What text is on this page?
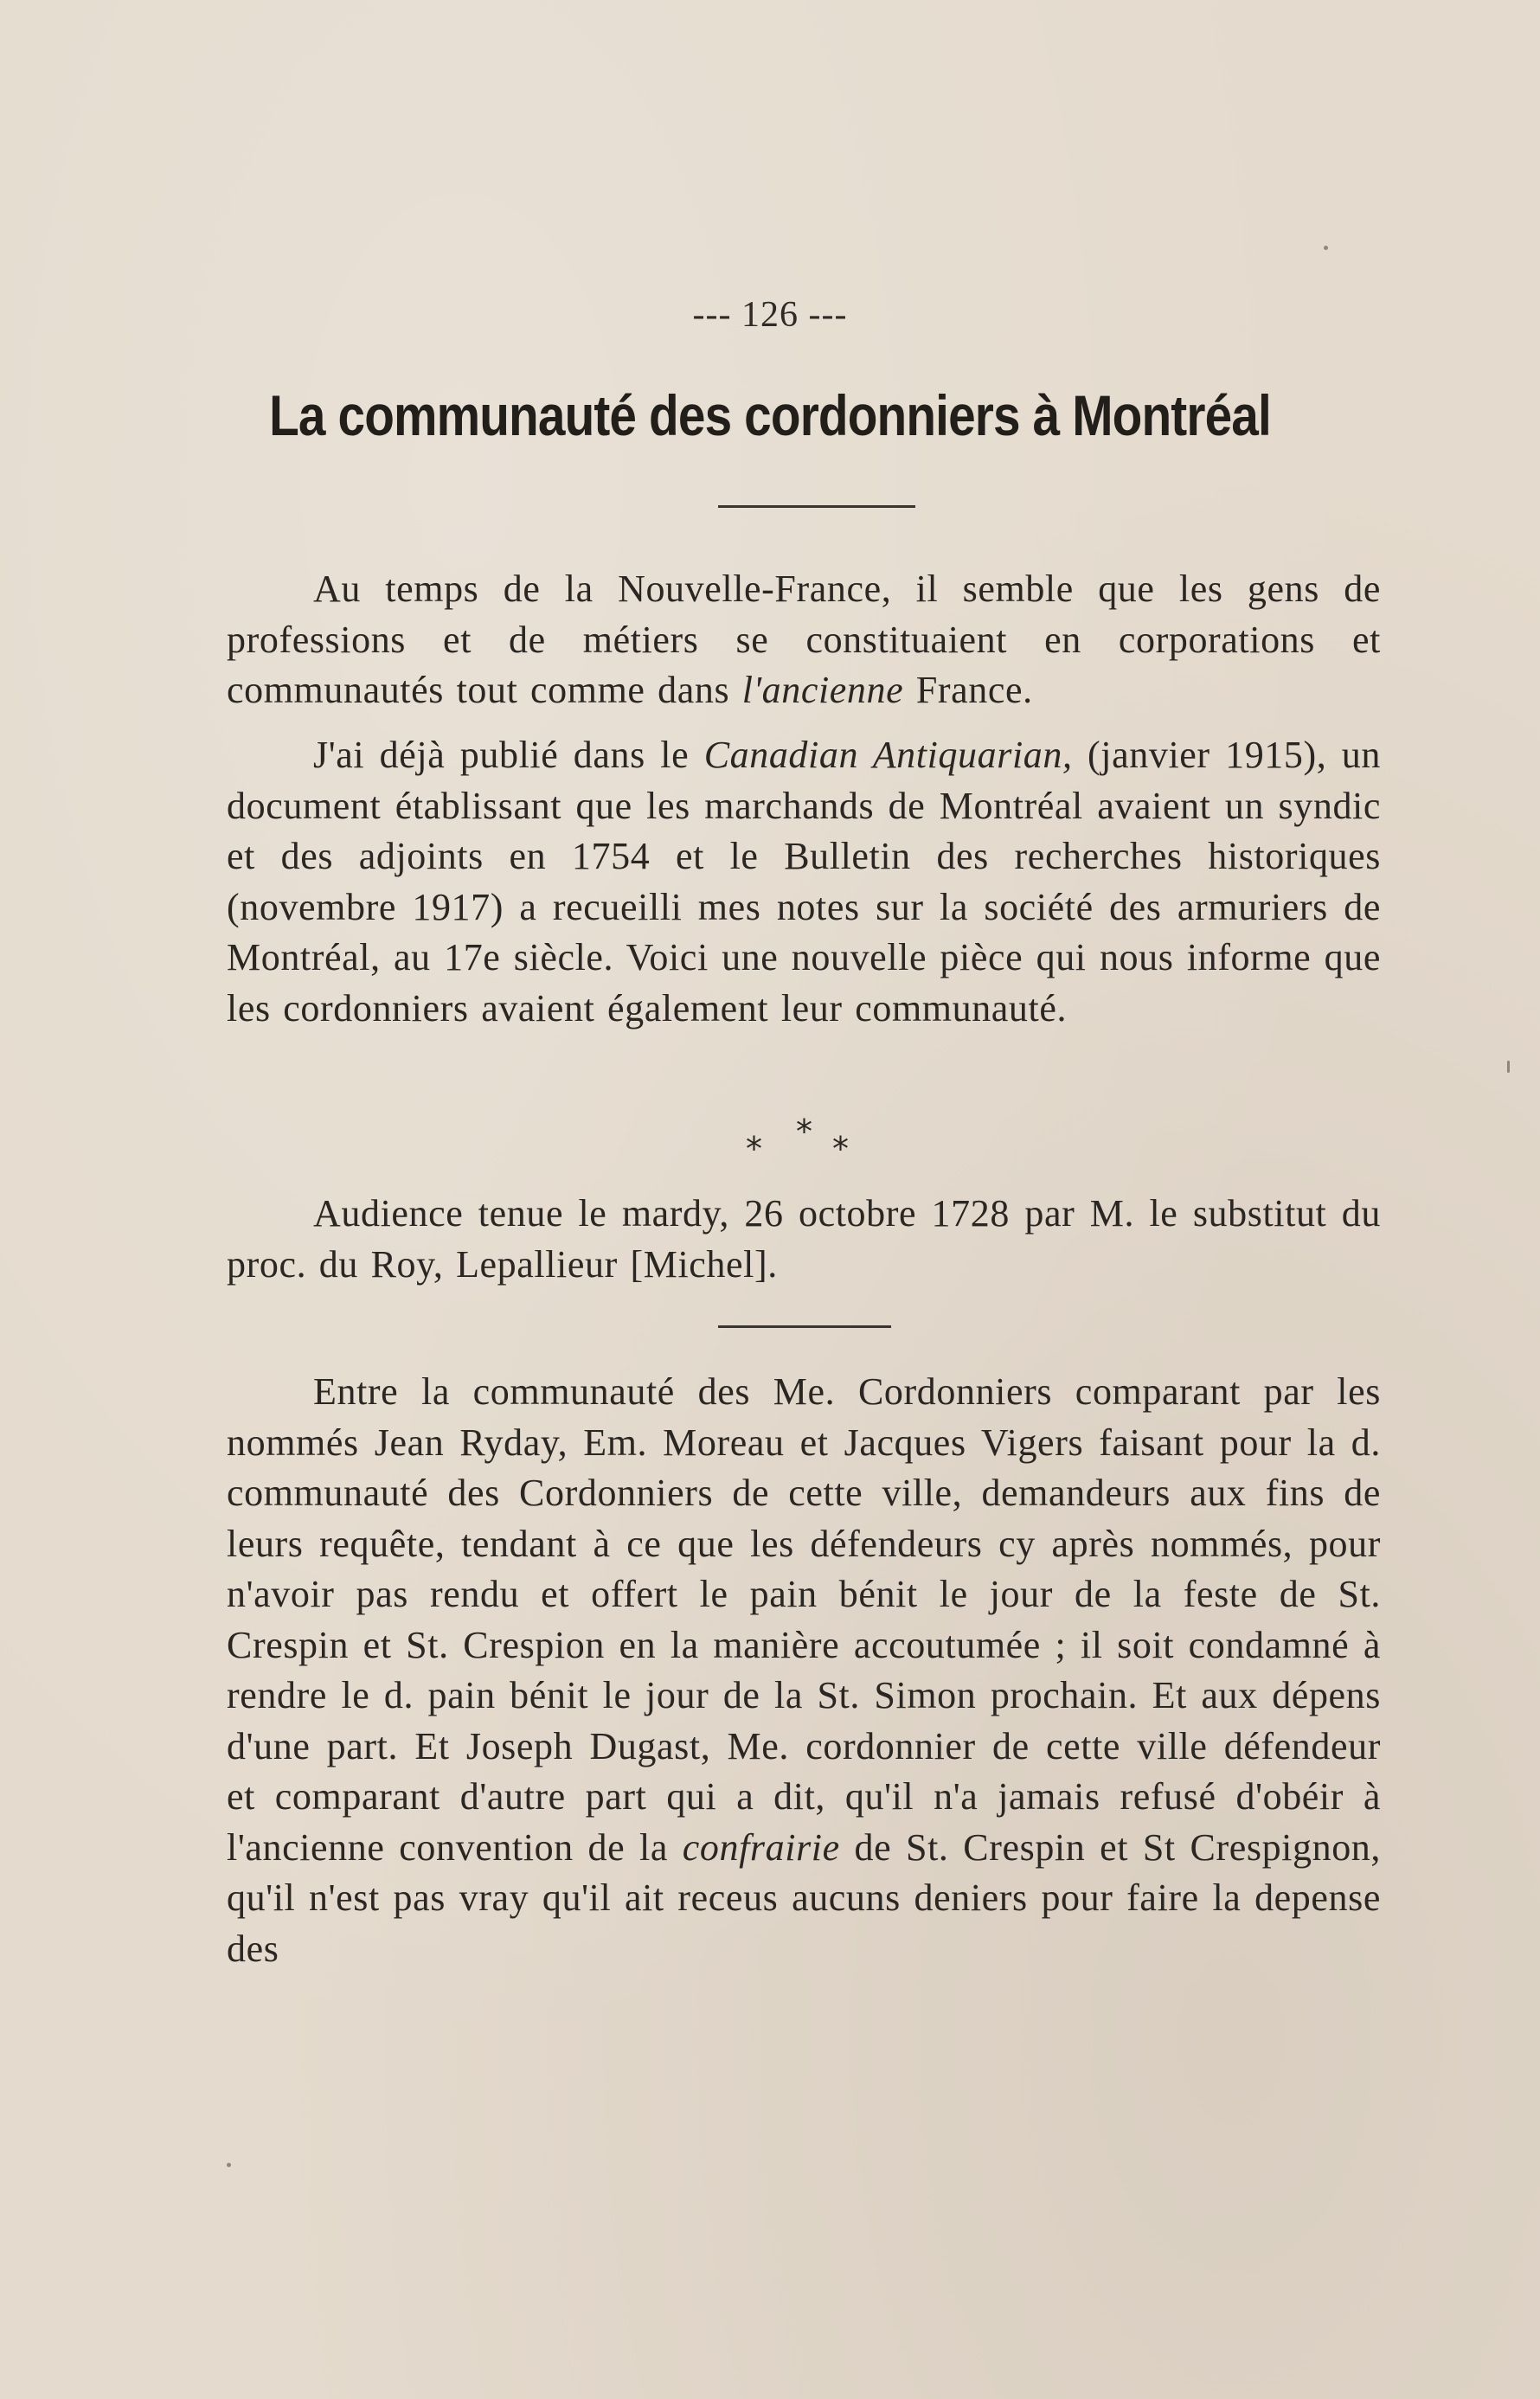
--- 126 ---
La communauté des cordonniers à Montréal

Au temps de la Nouvelle-France, il semble que les gens de professions et de métiers se constituaient en corporations et communautés tout comme dans l'ancienne France.

J'ai déjà publié dans le Canadian Antiquarian, (janvier 1915), un document établissant que les marchands de Montréal avaient un syndic et des adjoints en 1754 et le Bulletin des recherches historiques (novembre 1917) a recueilli mes notes sur la société des armuriers de Montréal, au 17e siècle. Voici une nouvelle pièce qui nous informe que les cordonniers avaient également leur communauté.

*
* *

Audience tenue le mardy, 26 octobre 1728 par M. le substitut du proc. du Roy, Lepallieur [Michel].

Entre la communauté des Me. Cordonniers comparant par les nommés Jean Ryday, Em. Moreau et Jacques Vigers faisant pour la d. communauté des Cordonniers de cette ville, demandeurs aux fins de leurs requête, tendant à ce que les défendeurs cy après nommés, pour n'avoir pas rendu et offert le pain bénit le jour de la feste de St. Crespin et St. Crespion en la manière accoutumée ; il soit condamné à rendre le d. pain bénit le jour de la St. Simon prochain. Et aux dépens d'une part. Et Joseph Dugast, Me. cordonnier de cette ville défendeur et comparant d'autre part qui a dit, qu'il n'a jamais refusé d'obéir à l'ancienne convention de la confrairie de St. Crespin et St Crespignon, qu'il n'est pas vray qu'il ait receus aucuns deniers pour faire la depense des
